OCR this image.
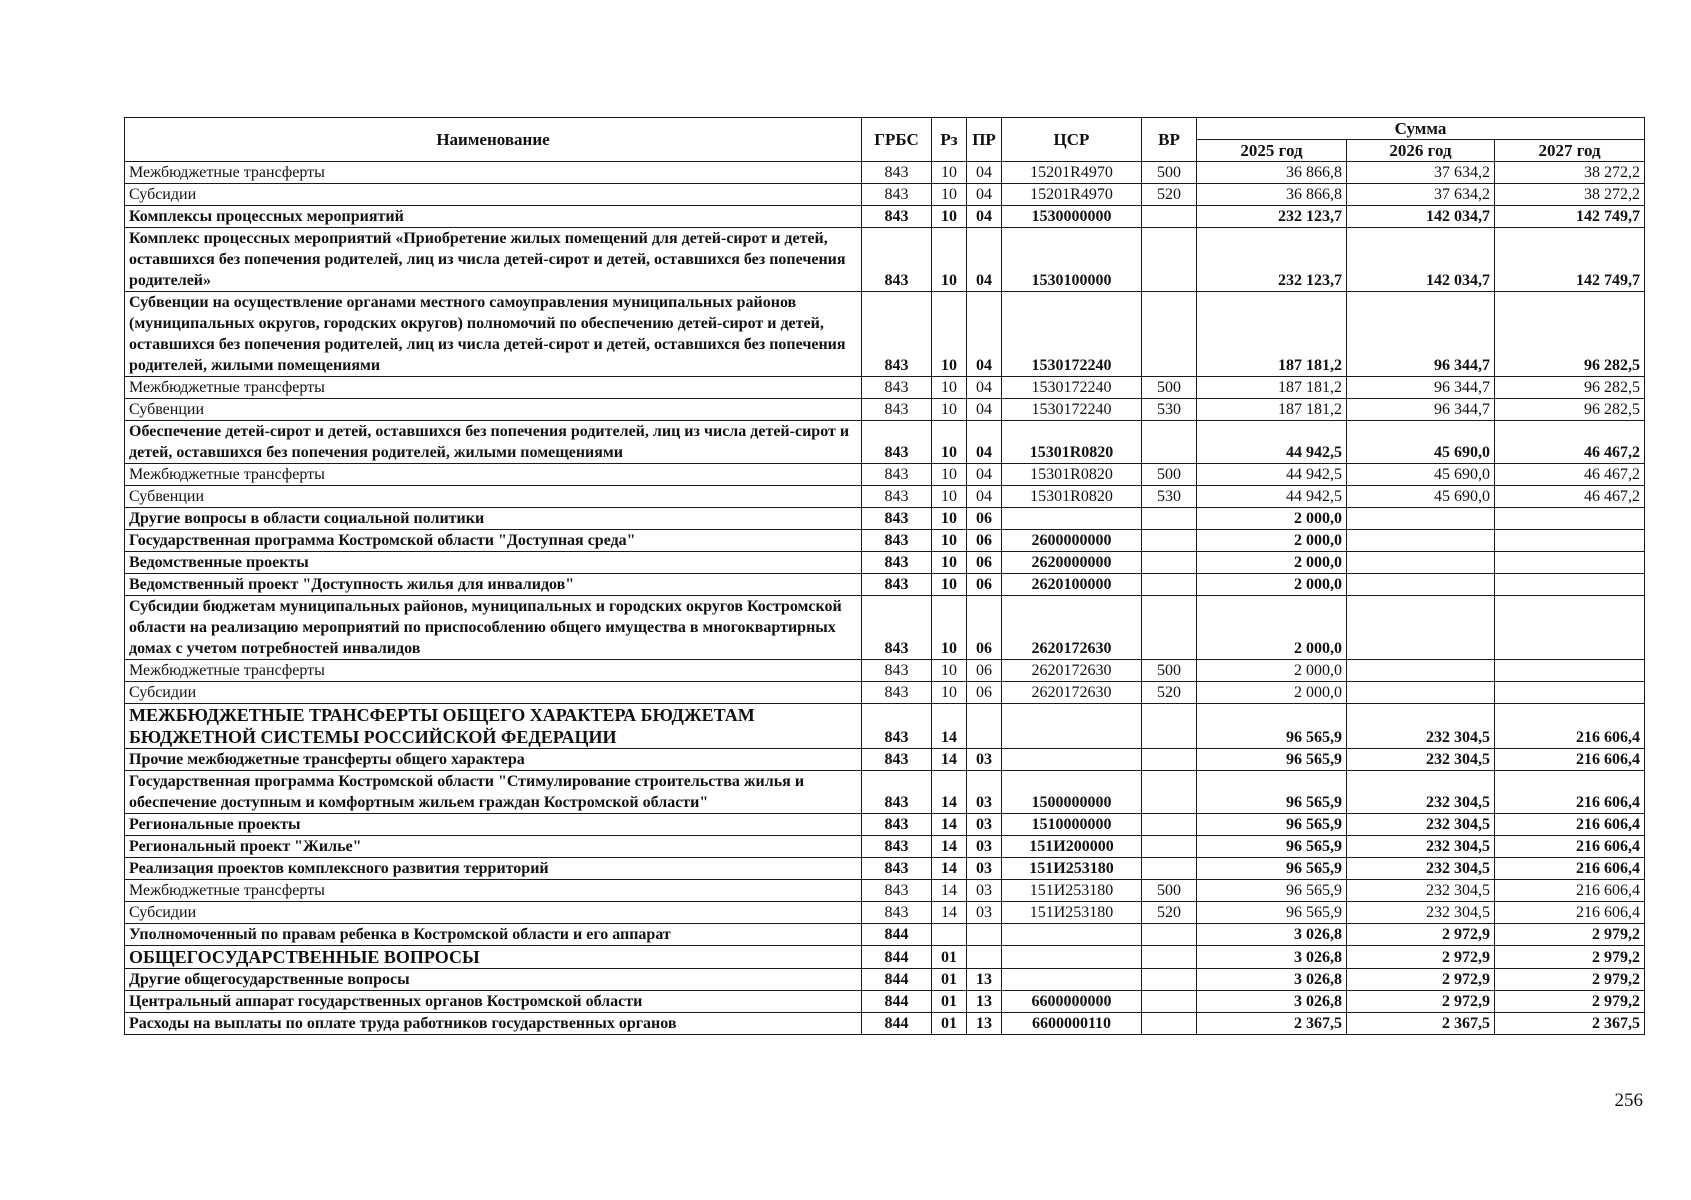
Наименование	ГРБС	Рз	ПР	ЦСР	ВР	Сумма		
						2025 год	2026 год	2027 год
Межбюджетные трансферты	843	10	04	15201R4970	500	36 866,8	37 634,2	38 272,2
Субсидии	843	10	04	15201R4970	520	36 866,8	37 634,2	38 272,2
Комплексы процессных мероприятий	843	10	04	1530000000		232 123,7	142 034,7	142 749,7
Комплекс процессных мероприятий «Приобретение жилых помещений для детей-сирот и детей, оставшихся без попечения родителей, лиц из числа детей-сирот и детей, оставшихся без попечения родителей»	843	10	04	1530100000		232 123,7	142 034,7	142 749,7
Субвенции на осуществление органами местного самоуправления муниципальных районов (муниципальных округов, городских округов) полномочий по обеспечению детей-сирот и детей, оставшихся без попечения родителей, лиц из числа детей-сирот и детей, оставшихся без попечения родителей, жилыми помещениями	843	10	04	1530172240		187 181,2	96 344,7	96 282,5
Межбюджетные трансферты	843	10	04	1530172240	500	187 181,2	96 344,7	96 282,5
Субвенции	843	10	04	1530172240	530	187 181,2	96 344,7	96 282,5
Обеспечение детей-сирот и детей, оставшихся без попечения родителей, лиц из числа детей-сирот и детей, оставшихся без попечения родителей, жилыми помещениями	843	10	04	15301R0820		44 942,5	45 690,0	46 467,2
Межбюджетные трансферты	843	10	04	15301R0820	500	44 942,5	45 690,0	46 467,2
Субвенции	843	10	04	15301R0820	530	44 942,5	45 690,0	46 467,2
Другие вопросы в области социальной политики	843	10	06			2 000,0		
Государственная программа Костромской области "Доступная среда"	843	10	06	2600000000		2 000,0		
Ведомственные проекты	843	10	06	2620000000		2 000,0		
Ведомственный проект "Доступность жилья для инвалидов"	843	10	06	2620100000		2 000,0		
Субсидии бюджетам муниципальных районов, муниципальных и городских округов Костромской области на реализацию мероприятий по приспособлению общего имущества в многоквартирных домах с учетом потребностей инвалидов	843	10	06	2620172630		2 000,0		
Межбюджетные трансферты	843	10	06	2620172630	500	2 000,0		
Субсидии	843	10	06	2620172630	520	2 000,0		
МЕЖБЮДЖЕТНЫЕ ТРАНСФЕРТЫ ОБЩЕГО ХАРАКТЕРА БЮДЖЕТАМ БЮДЖЕТНОЙ СИСТЕМЫ РОССИЙСКОЙ ФЕДЕРАЦИИ	843	14				96 565,9	232 304,5	216 606,4
Прочие межбюджетные трансферты общего характера	843	14	03			96 565,9	232 304,5	216 606,4
Государственная программа Костромской области "Стимулирование строительства жилья и обеспечение доступным и комфортным жильем граждан Костромской области"	843	14	03	1500000000		96 565,9	232 304,5	216 606,4
Региональные проекты	843	14	03	1510000000		96 565,9	232 304,5	216 606,4
Региональный проект "Жилье"	843	14	03	151И200000		96 565,9	232 304,5	216 606,4
Реализация проектов комплексного развития территорий	843	14	03	151И253180		96 565,9	232 304,5	216 606,4
Межбюджетные трансферты	843	14	03	151И253180	500	96 565,9	232 304,5	216 606,4
Субсидии	843	14	03	151И253180	520	96 565,9	232 304,5	216 606,4
Уполномоченный по правам ребенка в Костромской области и его аппарат	844					3 026,8	2 972,9	2 979,2
ОБЩЕГОСУДАРСТВЕННЫЕ ВОПРОСЫ	844	01				3 026,8	2 972,9	2 979,2
Другие общегосударственные вопросы	844	01	13			3 026,8	2 972,9	2 979,2
Центральный аппарат государственных органов Костромской области	844	01	13	6600000000		3 026,8	2 972,9	2 979,2
Расходы на выплаты по оплате труда работников государственных органов	844	01	13	6600000110		2 367,5	2 367,5	2 367,5
256
